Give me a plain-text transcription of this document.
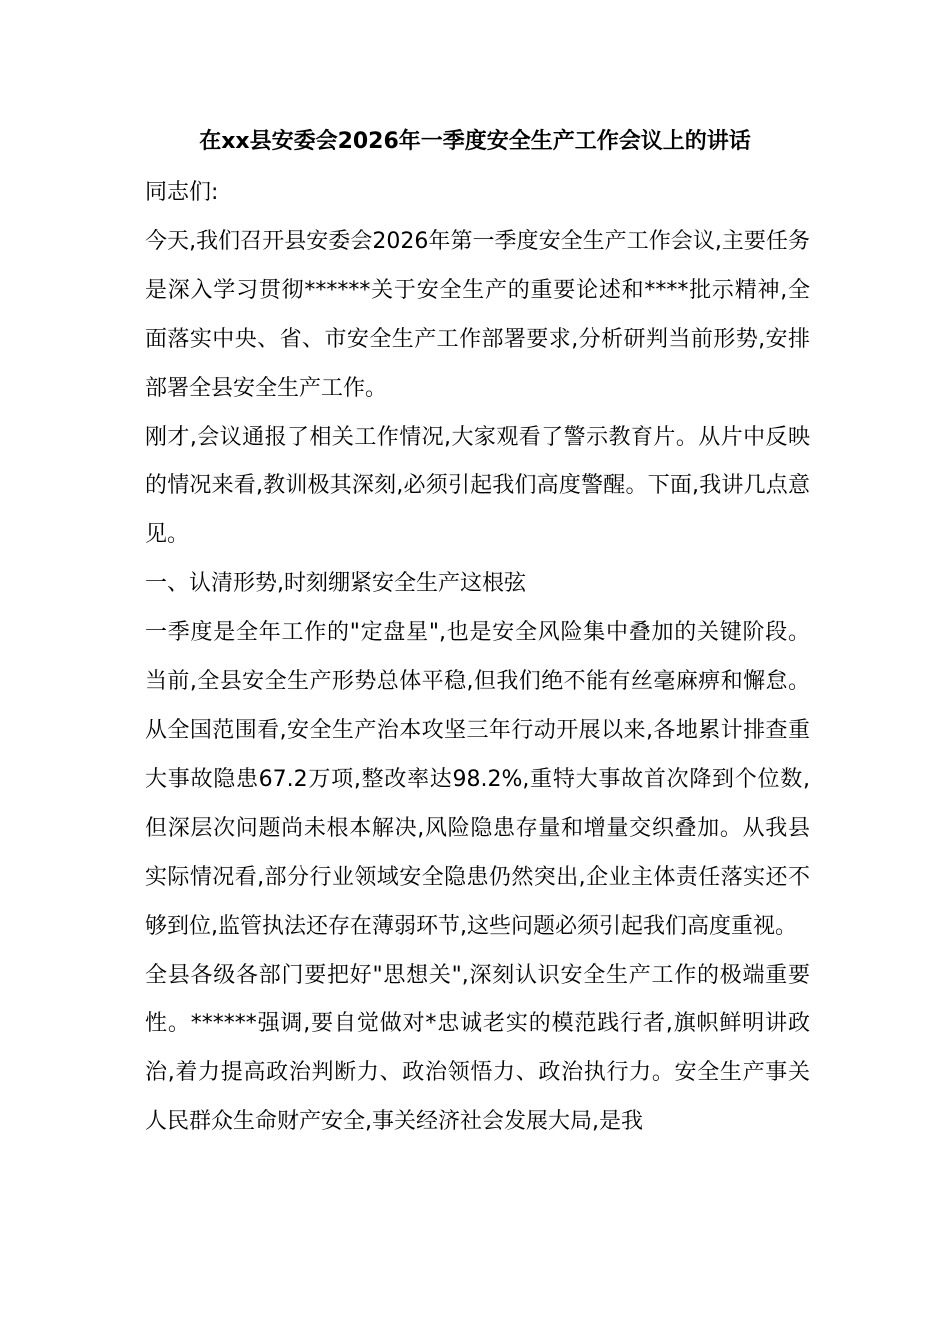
在xx县安委会2026年一季度安全生产工作会议上的讲话

同志们:

今天,我们召开县安委会2026年第一季度安全生产工作会议,主要任务是深入学习贯彻******关于安全生产的重要论述和****批示精神,全面落实中央、省、市安全生产工作部署要求,分析研判当前形势,安排部署全县安全生产工作。

刚才,会议通报了相关工作情况,大家观看了警示教育片。从片中反映的情况来看,教训极其深刻,必须引起我们高度警醒。下面,我讲几点意见。

一、认清形势,时刻绷紧安全生产这根弦

一季度是全年工作的"定盘星",也是安全风险集中叠加的关键阶段。当前,全县安全生产形势总体平稳,但我们绝不能有丝毫麻痹和懈怠。从全国范围看,安全生产治本攻坚三年行动开展以来,各地累计排查重大事故隐患67.2万项,整改率达98.2%,重特大事故首次降到个位数,但深层次问题尚未根本解决,风险隐患存量和增量交织叠加。从我县实际情况看,部分行业领域安全隐患仍然突出,企业主体责任落实还不够到位,监管执法还存在薄弱环节,这些问题必须引起我们高度重视。

全县各级各部门要把好"思想关",深刻认识安全生产工作的极端重要性。******强调,要自觉做对*忠诚老实的模范践行者,旗帜鲜明讲政治,着力提高政治判断力、政治领悟力、政治执行力。安全生产事关人民群众生命财产安全,事关经济社会发展大局,是我
